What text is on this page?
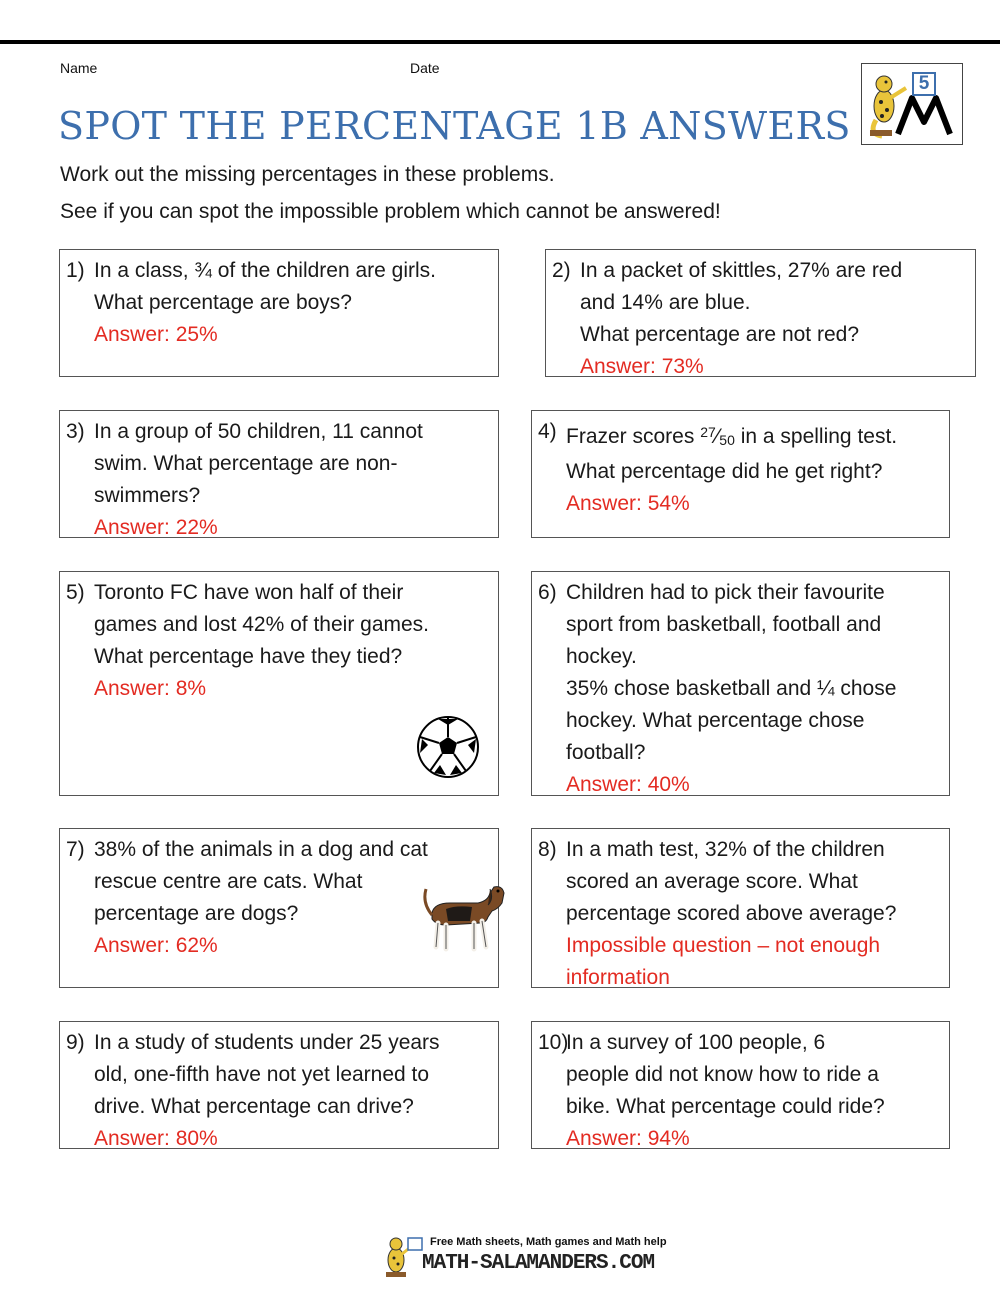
Name	Date
SPOT THE PERCENTAGE 1B ANSWERS
5
Work out the missing percentages in these problems.
See if you can spot the impossible problem which cannot be answered!
1) In a class, ¾ of the children are girls.

What percentage are boys?

Answer: 25%

2) In a packet of skittles, 27% are red

and 14% are blue.

What percentage are not red?

Answer: 73%

3) In a group of 50 children, 11 cannot

swim. What percentage are non-

swimmers?

Answer: 22%

4) Frazer scores $^{27}$⁄50 in a spelling test.

What percentage did he get right?

Answer: 54%

5) Toronto FC have won half of their

games and lost 42% of their games.

What percentage have they tied?

Answer: 8%

6) Children had to pick their favourite

sport from basketball, football and

hockey.

35% chose basketball and ¼ chose

hockey. What percentage chose

football?

Answer: 40%

7) 38% of the animals in a dog and cat

rescue centre are cats. What

percentage are dogs?

Answer: 62%

8) In a math test, 32% of the children

scored an average score. What

percentage scored above average?

Impossible question – not enough

information

9) In a study of students under 25 years

old, one-fifth have not yet learned to

drive. What percentage can drive?

Answer: 80%

10)

In a survey of 100 people, 6

people did not know how to ride a

bike. What percentage could ride?

Answer: 94%

Free Math sheets, Math games and Math help
MATH-SALAMANDERS.COM
